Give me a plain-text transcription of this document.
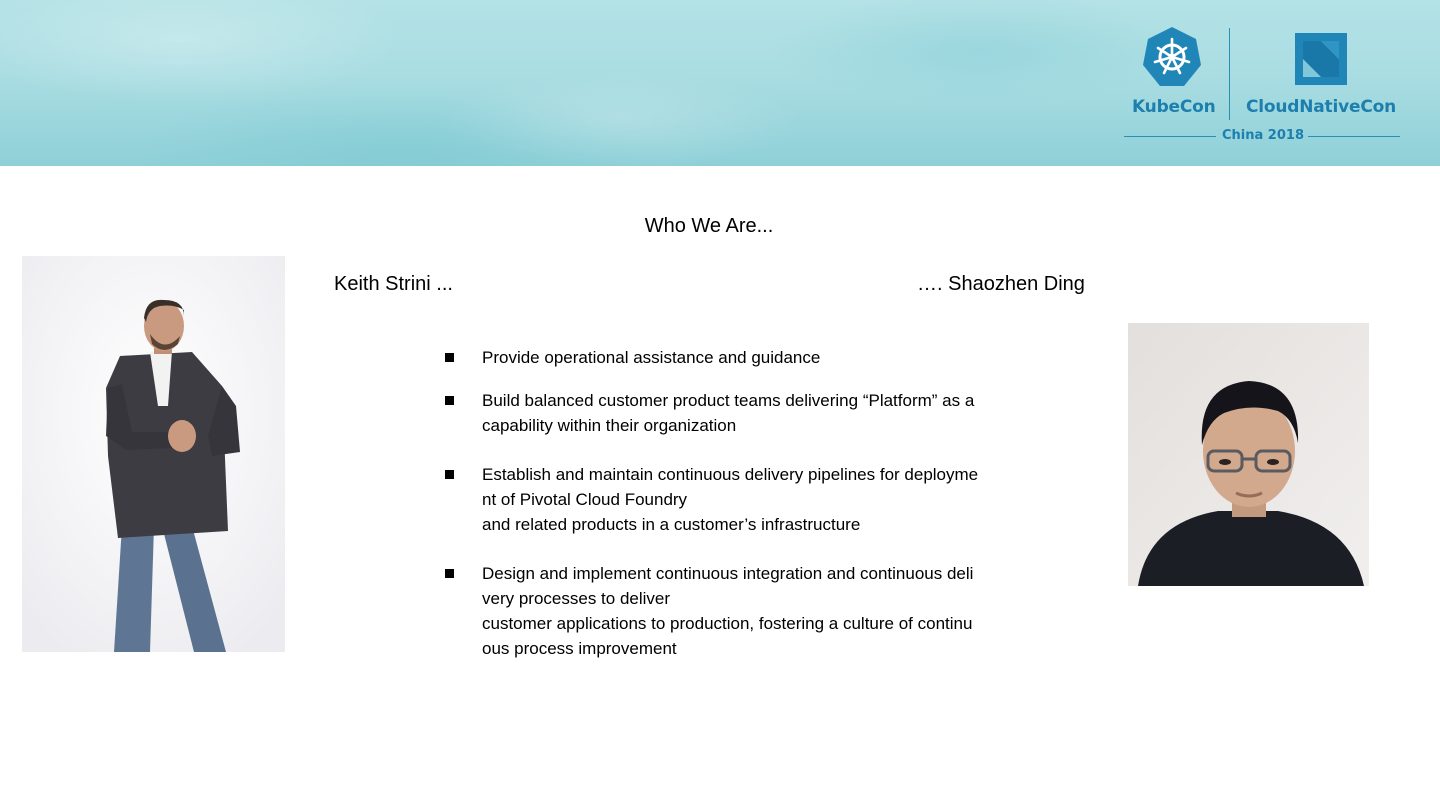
KubeCon CloudNativeCon
China 2018
Who We Are...
Keith Strini ...	…. Shaozhen Ding
Provide operational assistance and guidance
Build balanced customer product teams delivering “Platform” as a
capability within their organization
Establish and maintain continuous delivery pipelines for deployme
nt of Pivotal Cloud Foundry
and related products in a customer’s infrastructure
Design and implement continuous integration and continuous deli
very processes to deliver
customer applications to production, fostering a culture of continu
ous process improvement
